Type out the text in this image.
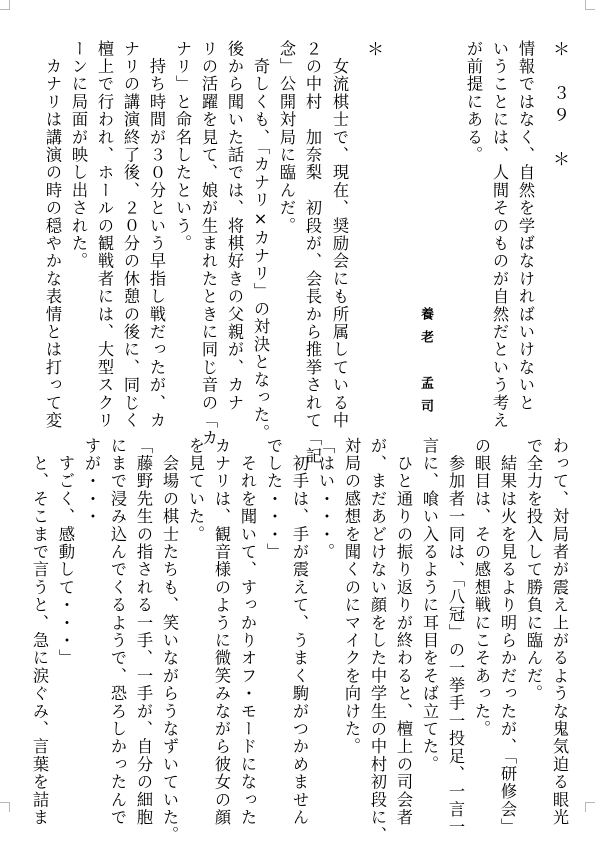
＊　３９　＊
情報ではなく、自然を学ばなければいけないと
いうことには、人間そのものが自然だという考え
が前提にある。
養老　孟司
＊
　女流棋士で、現在、奨励会にも所属している中
２の中村　加奈梨　初段が、会長から推挙されて「記
念」公開対局に臨んだ。
　奇しくも、「カナリ×カナリ」の対決となった。
後から聞いた話では、将棋好きの父親が、カナ
リの活躍を見て、娘が生まれたときに同じ音の「カ
ナリ」と命名したという。
　持ち時間が３０分という早指し戦だったが、カ
ナリの講演終了後、２０分の休憩の後に、同じく
檀上で行われ、ホールの観戦者には、大型スクリ
ーンに局面が映し出された。
　カナリは講演の時の穏やかな表情とは打って変
わって、対局者が震え上がるような鬼気迫る眼光
で全力を投入して勝負に臨んだ。
　結果は火を見るより明らかだったが、「研修会」
の眼目は、その感想戦にこそあった。
　参加者一同は、「八冠」の一挙手一投足、一言一
言に、喰い入るように耳目をそば立てた。
　ひと通りの振り返りが終わると、檀上の司会者
が、まだあどけない顔をした中学生の中村初段に、
対局の感想を聞くのにマイクを向けた。
「はい・・・。
　初手は、手が震えて、うまく駒がつかめません
でした・・・」
　それを聞いて、すっかりオフ・モードになった
カナリは、観音様のように微笑みながら彼女の顔
を見ていた。
　会場の棋士たちも、笑いながらうなずいていた。
「藤野先生の指される一手、一手が、自分の細胞
にまで浸み込んでくるようで、恐ろしかったんで
すが・・・
　すごく、感動して・・・」
　と、そこまで言うと、急に涙ぐみ、言葉を詰ま
